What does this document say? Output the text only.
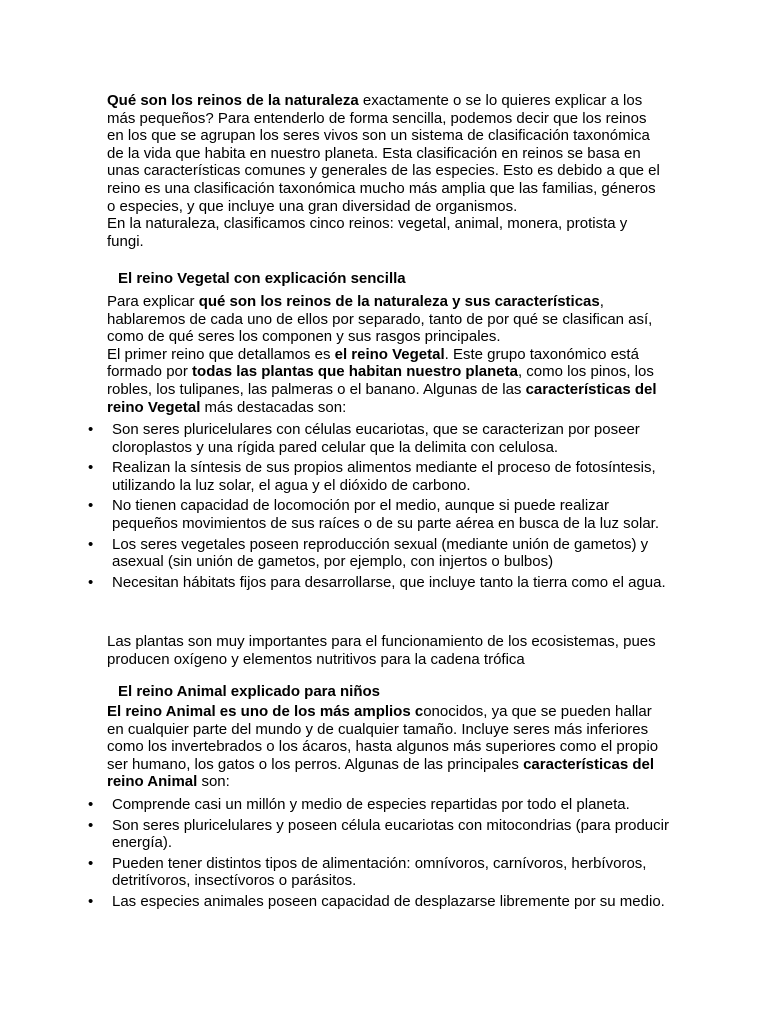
Qué son los reinos de la naturaleza exactamente o se lo quieres explicar a los más pequeños? Para entenderlo de forma sencilla, podemos decir que los reinos en los que se agrupan los seres vivos son un sistema de clasificación taxonómica de la vida que habita en nuestro planeta. Esta clasificación en reinos se basa en unas características comunes y generales de las especies. Esto es debido a que el reino es una clasificación taxonómica mucho más amplia que las familias, géneros o especies, y que incluye una gran diversidad de organismos.

En la naturaleza, clasificamos cinco reinos: vegetal, animal, monera, protista y fungi.

El reino Vegetal con explicación sencilla

Para explicar qué son los reinos de la naturaleza y sus características, hablaremos de cada uno de ellos por separado, tanto de por qué se clasifican así, como de qué seres los componen y sus rasgos principales.

El primer reino que detallamos es el reino Vegetal. Este grupo taxonómico está formado por todas las plantas que habitan nuestro planeta, como los pinos, los robles, los tulipanes, las palmeras o el banano. Algunas de las características del reino Vegetal más destacadas son:

• Son seres pluricelulares con células eucariotas, que se caracterizan por poseer cloroplastos y una rígida pared celular que la delimita con celulosa.
• Realizan la síntesis de sus propios alimentos mediante el proceso de fotosíntesis, utilizando la luz solar, el agua y el dióxido de carbono.
• No tienen capacidad de locomoción por el medio, aunque si puede realizar pequeños movimientos de sus raíces o de su parte aérea en busca de la luz solar.
• Los seres vegetales poseen reproducción sexual (mediante unión de gametos) y asexual (sin unión de gametos, por ejemplo, con injertos o bulbos)
• Necesitan hábitats fijos para desarrollarse, que incluye tanto la tierra como el agua.

Las plantas son muy importantes para el funcionamiento de los ecosistemas, pues producen oxígeno y elementos nutritivos para la cadena trófica

El reino Animal explicado para niños

El reino Animal es uno de los más amplios conocidos, ya que se pueden hallar en cualquier parte del mundo y de cualquier tamaño. Incluye seres más inferiores como los invertebrados o los ácaros, hasta algunos más superiores como el propio ser humano, los gatos o los perros. Algunas de las principales características del reino Animal son:

• Comprende casi un millón y medio de especies repartidas por todo el planeta.
• Son seres pluricelulares y poseen célula eucariotas con mitocondrias (para producir energía).
• Pueden tener distintos tipos de alimentación: omnívoros, carnívoros, herbívoros, detritívoros, insectívoros o parásitos.
• Las especies animales poseen capacidad de desplazarse libremente por su medio.
